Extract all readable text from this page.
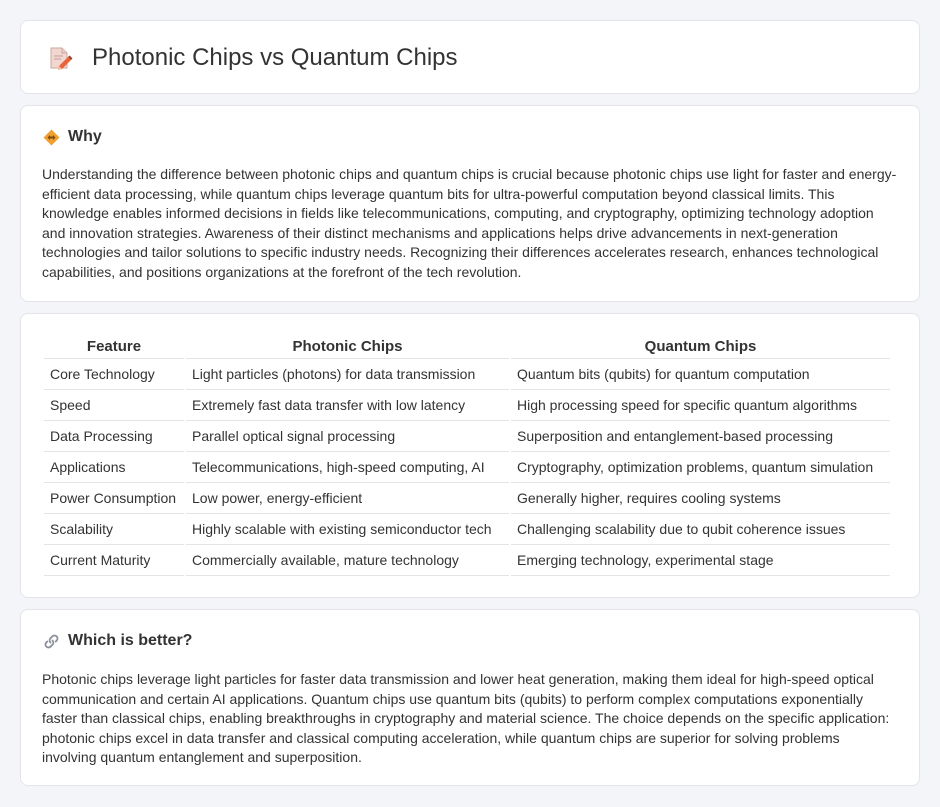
Photonic Chips vs Quantum Chips
Why

Understanding the difference between photonic chips and quantum chips is crucial because photonic chips use light for faster and energy-efficient data processing, while quantum chips leverage quantum bits for ultra-powerful computation beyond classical limits. This knowledge enables informed decisions in fields like telecommunications, computing, and cryptography, optimizing technology adoption and innovation strategies. Awareness of their distinct mechanisms and applications helps drive advancements in next-generation technologies and tailor solutions to specific industry needs. Recognizing their differences accelerates research, enhances technological capabilities, and positions organizations at the forefront of the tech revolution.

Feature	Photonic Chips	Quantum Chips
Core Technology	Light particles (photons) for data transmission	Quantum bits (qubits) for quantum computation
Speed	Extremely fast data transfer with low latency	High processing speed for specific quantum algorithms
Data Processing	Parallel optical signal processing	Superposition and entanglement-based processing
Applications	Telecommunications, high-speed computing, AI	Cryptography, optimization problems, quantum simulation
Power Consumption	Low power, energy-efficient	Generally higher, requires cooling systems
Scalability	Highly scalable with existing semiconductor tech	Challenging scalability due to qubit coherence issues
Current Maturity	Commercially available, mature technology	Emerging technology, experimental stage
Which is better?

Photonic chips leverage light particles for faster data transmission and lower heat generation, making them ideal for high-speed optical communication and certain AI applications. Quantum chips use quantum bits (qubits) to perform complex computations exponentially faster than classical chips, enabling breakthroughs in cryptography and material science. The choice depends on the specific application: photonic chips excel in data transfer and classical computing acceleration, while quantum chips are superior for solving problems involving quantum entanglement and superposition.
